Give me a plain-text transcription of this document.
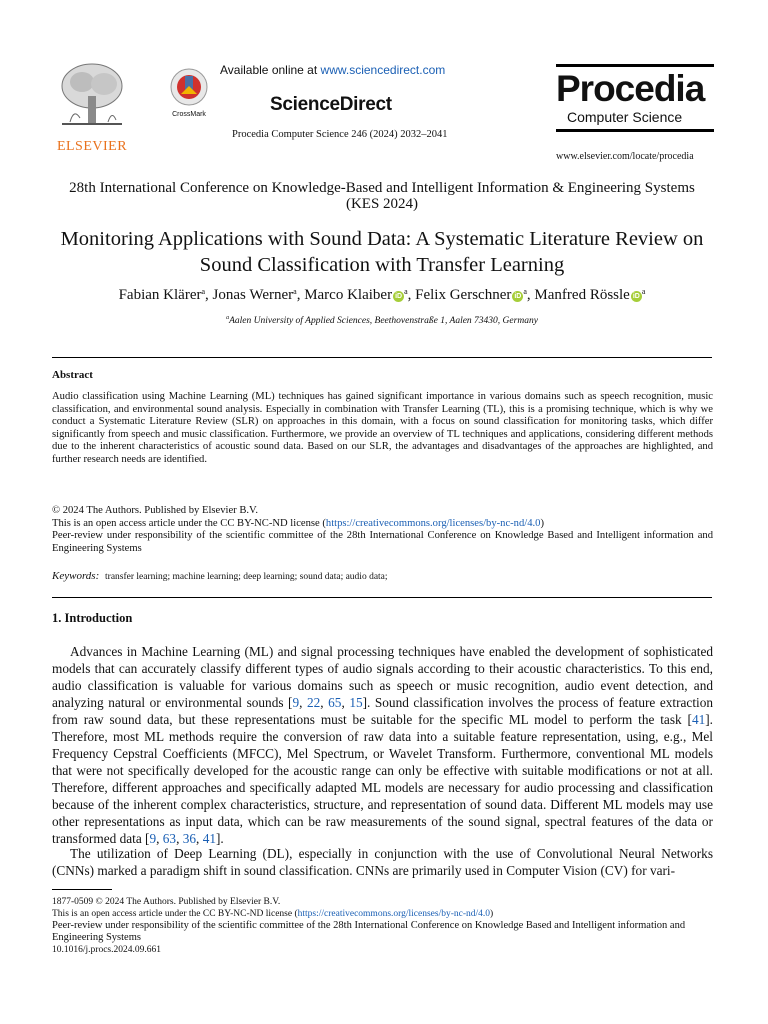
ELSEVIER
CrossMark
Available online at www.sciencedirect.com
ScienceDirect
Procedia Computer Science 246 (2024) 2032–2041
Procedia
Computer Science
www.elsevier.com/locate/procedia
28th International Conference on Knowledge-Based and Intelligent Information & Engineering Systems (KES 2024)
Monitoring Applications with Sound Data: A Systematic Literature Review on Sound Classification with Transfer Learning
Fabian Klärer$^a$, Jonas Werner$^a$, Marco Klaiber $iD^a$, Felix Gerschner $iD^a$, Manfred Rössle $iD^a$
$^a$Aalen University of Applied Sciences, Beethovenstraße 1, Aalen 73430, Germany
Abstract
Audio classification using Machine Learning (ML) techniques has gained significant importance in various domains such as speech recognition, music classification, and environmental sound analysis. Especially in combination with Transfer Learning (TL), this is a promising technique, which is why we conduct a Systematic Literature Review (SLR) on approaches in this domain, with a focus on sound classification for monitoring tasks, which differ significantly from speech and music classification. Furthermore, we provide an overview of TL techniques and applications, considering different methods due to the inherent characteristics of acoustic sound data. Based on our SLR, the advantages and disadvantages of the approaches are highlighted, and further research needs are identified.
© 2024 The Authors. Published by Elsevier B.V.
This is an open access article under the CC BY-NC-ND license (https://creativecommons.org/licenses/by-nc-nd/4.0)
Peer-review under responsibility of the scientific committee of the 28th International Conference on Knowledge Based and Intelligent information and Engineering Systems
Keywords: transfer learning; machine learning; deep learning; sound data; audio data;
1. Introduction
Advances in Machine Learning (ML) and signal processing techniques have enabled the development of sophisticated models that can accurately classify different types of audio signals according to their acoustic characteristics. To this end, audio classification is valuable for various domains such as speech or music recognition, audio event detection, and analyzing natural or environmental sounds [9, 22, 65, 15]. Sound classification involves the process of feature extraction from raw sound data, but these representations must be suitable for the specific ML model to perform the task [41]. Therefore, most ML methods require the conversion of raw data into a suitable feature representation, using, e.g., Mel Frequency Cepstral Coefficients (MFCC), Mel Spectrum, or Wavelet Transform. Furthermore, conventional ML models that were not specifically developed for the acoustic range can only be effective with suitable modifications or not at all. Therefore, different approaches and specifically adapted ML models are necessary for audio processing and classification because of the inherent complex characteristics, structure, and representation of sound data. Different ML models may use other representations as input data, which can be raw measurements of the sound signal, spectral features of the data or transformed data [9, 63, 36, 41].
The utilization of Deep Learning (DL), especially in conjunction with the use of Convolutional Neural Networks (CNNs) marked a paradigm shift in sound classification. CNNs are primarily used in Computer Vision (CV) for vari-
1877-0509 © 2024 The Authors. Published by Elsevier B.V.
This is an open access article under the CC BY-NC-ND license (https://creativecommons.org/licenses/by-nc-nd/4.0)
Peer-review under responsibility of the scientific committee of the 28th International Conference on Knowledge Based and Intelligent information and Engineering Systems
10.1016/j.procs.2024.09.661
